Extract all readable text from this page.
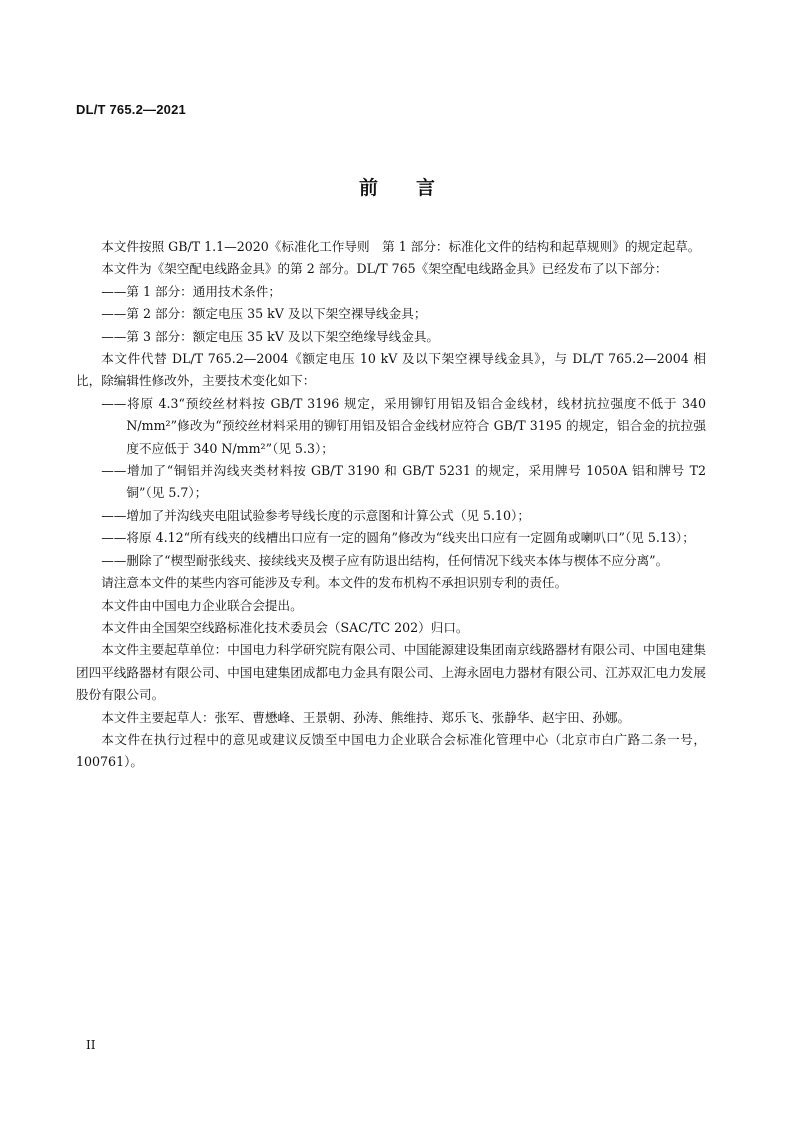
DL/T 765.2—2021
前 言
本文件按照 GB/T 1.1—2020《标准化工作导则　第 1 部分：标准化文件的结构和起草规则》的规定起草。
本文件为《架空配电线路金具》的第 2 部分。DL/T 765《架空配电线路金具》已经发布了以下部分：
——第 1 部分：通用技术条件；
——第 2 部分：额定电压 35 kV 及以下架空裸导线金具；
——第 3 部分：额定电压 35 kV 及以下架空绝缘导线金具。
本文件代替 DL/T 765.2—2004《额定电压 10 kV 及以下架空裸导线金具》，与 DL/T 765.2—2004 相比，除编辑性修改外，主要技术变化如下：
——将原 4.3“预绞丝材料按 GB/T 3196 规定，采用铆钉用铝及铝合金线材，线材抗拉强度不低于 340 N/mm²”修改为“预绞丝材料采用的铆钉用铝及铝合金线材应符合 GB/T 3195 的规定，铝合金的抗拉强度不应低于 340 N/mm²”（见 5.3）；
——增加了“铜铝并沟线夹类材料按 GB/T 3190 和 GB/T 5231 的规定，采用牌号 1050A 铝和牌号 T2 铜”（见 5.7）；
——增加了并沟线夹电阻试验参考导线长度的示意图和计算公式（见 5.10）；
——将原 4.12“所有线夹的线槽出口应有一定的圆角”修改为“线夹出口应有一定圆角或喇叭口”（见 5.13）；
——删除了“楔型耐张线夹、接续线夹及楔子应有防退出结构，任何情况下线夹本体与楔体不应分离”。
请注意本文件的某些内容可能涉及专利。本文件的发布机构不承担识别专利的责任。
本文件由中国电力企业联合会提出。
本文件由全国架空线路标准化技术委员会（SAC/TC 202）归口。
本文件主要起草单位：中国电力科学研究院有限公司、中国能源建设集团南京线路器材有限公司、中国电建集团四平线路器材有限公司、中国电建集团成都电力金具有限公司、上海永固电力器材有限公司、江苏双汇电力发展股份有限公司。
本文件主要起草人：张军、曹懋峰、王景朝、孙涛、熊维持、郑乐飞、张静华、赵宇田、孙娜。
本文件在执行过程中的意见或建议反馈至中国电力企业联合会标准化管理中心（北京市白广路二条一号，100761）。
II
